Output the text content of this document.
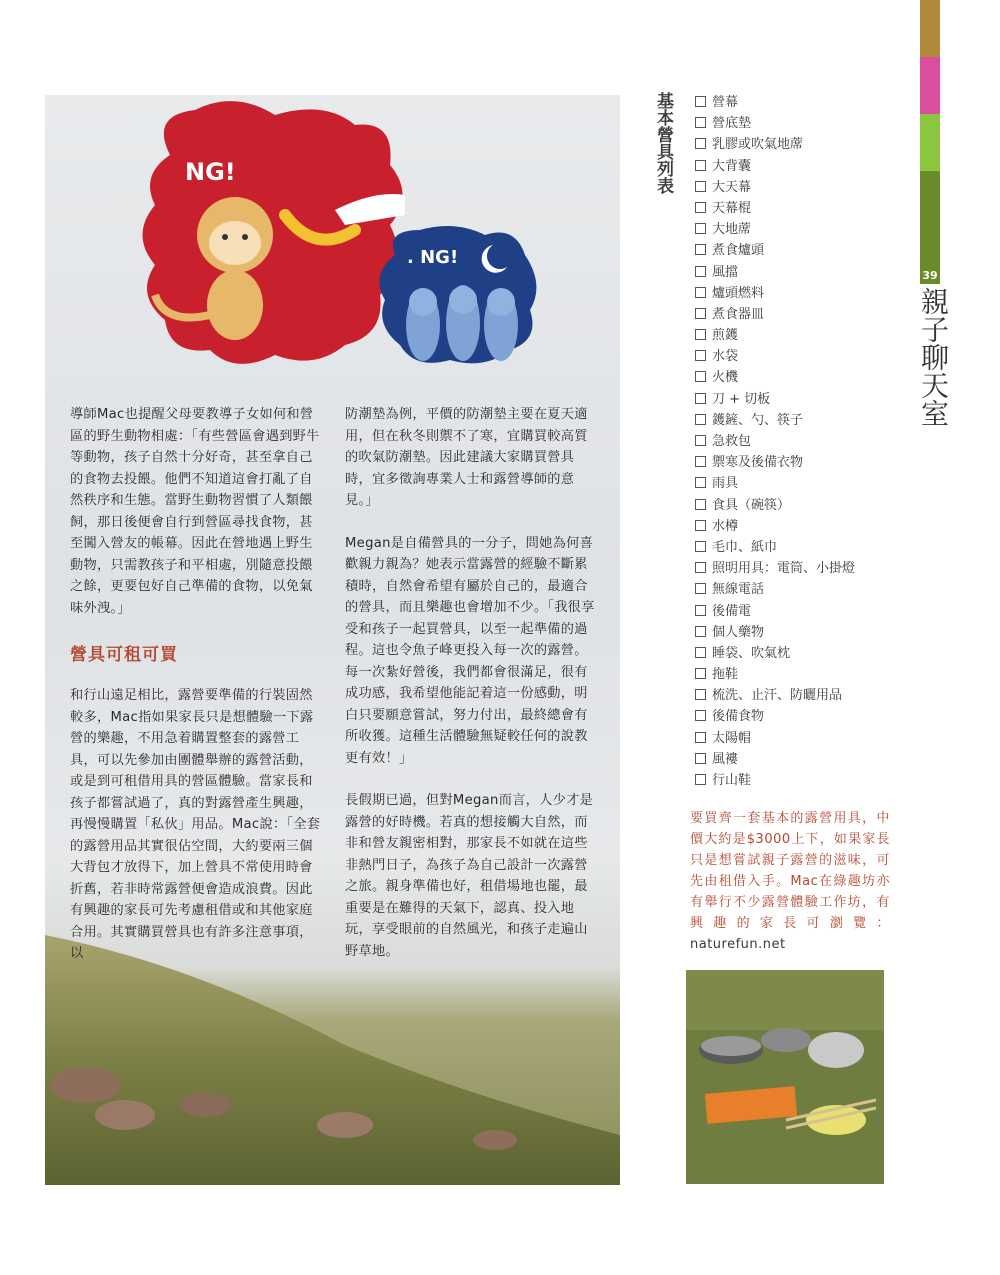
39
親子聊天室
NG!
. NG!

導師Mac也提醒父母要教導子女如何和營區的野生動物相處：「有些營區會遇到野牛等動物，孩子自然十分好奇，甚至拿自己的食物去投餵。他們不知道這會打亂了自然秩序和生態。當野生動物習慣了人類餵飼，那日後便會自行到營區尋找食物，甚至闖入營友的帳幕。因此在營地遇上野生動物，只需教孩子和平相處，別隨意投餵之餘，更要包好自己準備的食物，以免氣味外洩。」

營具可租可買

和行山遠足相比，露營要準備的行裝固然較多，Mac指如果家長只是想體驗一下露營的樂趣，不用急着購置整套的露營工具，可以先參加由團體舉辦的露營活動，或是到可租借用具的營區體驗。當家長和孩子都嘗試過了，真的對露營產生興趣，再慢慢購置「私伙」用品。Mac說：「全套的露營用品其實很佔空間，大約要兩三個大背包才放得下，加上營具不常使用時會折舊，若非時常露營便會造成浪費。因此有興趣的家長可先考慮租借或和其他家庭合用。其實購買營具也有許多注意事項，以

防潮墊為例，平價的防潮墊主要在夏天適用，但在秋冬則禦不了寒，宜購買較高質的吹氣防潮墊。因此建議大家購買營具時，宜多徵詢專業人士和露營導師的意見。」

Megan是自備營具的一分子，問她為何喜歡親力親為？她表示當露營的經驗不斷累積時，自然會希望有屬於自己的，最適合的營具，而且樂趣也會增加不少。「我很享受和孩子一起買營具，以至一起準備的過程。這也令魚子峰更投入每一次的露營。每一次紮好營後，我們都會很滿足，很有成功感，我希望他能記着這一份感動，明白只要願意嘗試，努力付出，最終總會有所收獲。這種生活體驗無疑較任何的說教更有效！」

長假期已過，但對Megan而言，人少才是露營的好時機。若真的想接觸大自然，而非和營友親密相對，那家長不如就在這些非熱門日子，為孩子為自己設計一次露營之旅。親身準備也好，租借場地也罷，最重要是在難得的天氣下，認真、投入地玩，享受眼前的自然風光，和孩子走遍山野草地。

基本營具列表	營幕
營底墊
乳膠或吹氣地蓆
大背囊
大天幕
天幕棍
大地蓆
煮食爐頭
風擋
爐頭燃料
煮食器皿
煎鑊
水袋
火機
刀 + 切板
鑊鏟、勺、筷子
急救包
禦寒及後備衣物
雨具
食具（碗筷）
水樽
毛巾、紙巾
照明用具：電筒、小掛燈
無線電話
後備電
個人藥物
睡袋、吹氣枕
拖鞋
梳洗、止汗、防曬用品
後備食物
太陽帽
風褸
行山鞋
要買齊一套基本的露營用具，中價大約是$3000上下，如果家長只是想嘗試親子露營的滋味，可先由租借入手。Mac在綠趣坊亦有舉行不少露營體驗工作坊，有興趣的家長可瀏覽： naturefun.net
